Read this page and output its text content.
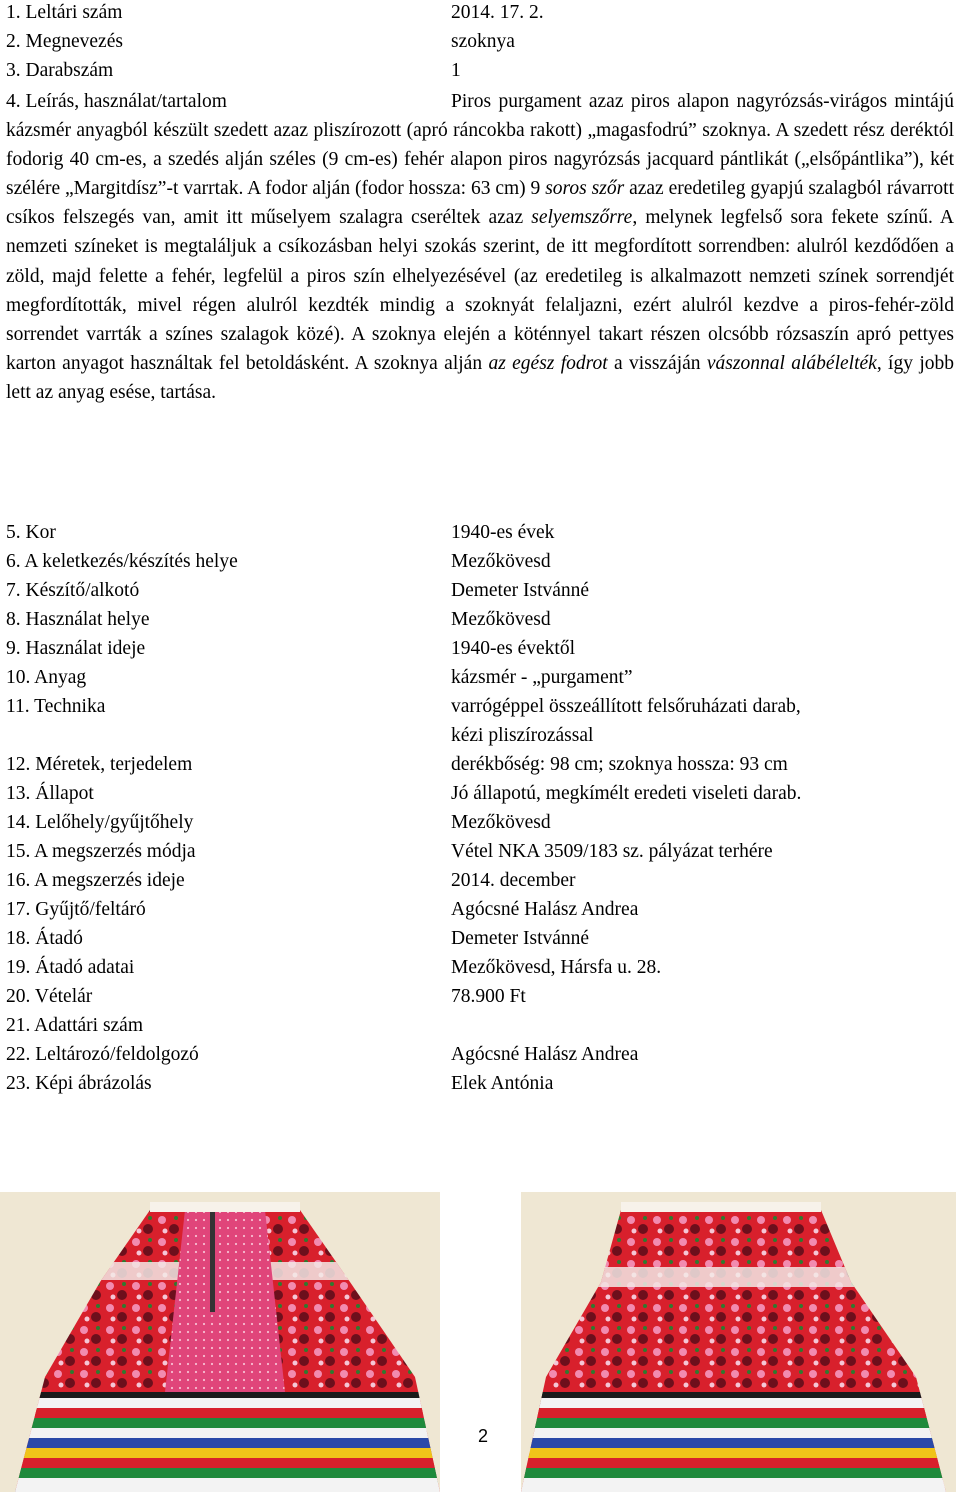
1. Leltári szám	2014. 17. 2.
2. Megnevezés	szoknya
3. Darabszám	1

4. Leírás, használat/tartalom	Piros purgament azaz piros alapon nagyrózsás-virágos mintájú kázsmér anyagból készült szedett azaz pliszírozott (apró ráncokba rakott) „magasfodrú” szoknya. A szedett rész deréktól fodorig 40 cm-es, a szedés alján széles (9 cm-es) fehér alapon piros nagyrózsás jacquard pántlikát („elsőpántlika”), két szélére „Margitdísz”-t varrtak. A fodor alján (fodor hossza: 63 cm) 9 soros szőr azaz eredetileg gyapjú szalagból rávarrott csíkos felszegés van, amit itt műselyem szalagra cseréltek azaz selyemszőrre, melynek legfelső sora fekete színű. A nemzeti színeket is megtaláljuk a csíkozásban helyi szokás szerint, de itt megfordított sorrendben: alulról kezdődően a zöld, majd felette a fehér, legfelül a piros szín elhelyezésével (az eredetileg is alkalmazott nemzeti színek sorrendjét megfordították, mivel régen alulról kezdték mindig a szoknyát felaljazni, ezért alulról kezdve a piros-fehér-zöld sorrendet varrták a színes szalagok közé). A szoknya elején a köténnyel takart részen olcsóbb rózsaszín apró pettyes karton anyagot használtak fel betoldásként. A szoknya alján az egész fodrot a visszáján vászonnal alábélelték, így jobb lett az anyag esése, tartása.

5. Kor	1940-es évek
6. A keletkezés/készítés helye	Mezőkövesd
7. Készítő/alkotó	Demeter Istvánné
8. Használat helye	Mezőkövesd
9. Használat ideje	1940-es évektől
10. Anyag	kázsmér - „purgament”
11. Technika	varrógéppel összeállított felsőruházati darab,
kézi pliszírozással
12. Méretek, terjedelem	derékbőség: 98 cm; szoknya hossza: 93 cm
13. Állapot	Jó állapotú, megkímélt eredeti viseleti darab.
14. Lelőhely/gyűjtőhely	Mezőkövesd
15. A megszerzés módja	Vétel NKA 3509/183 sz. pályázat terhére
16. A megszerzés ideje	2014. december
17. Gyűjtő/feltáró	Agócsné Halász Andrea
18. Átadó	Demeter Istvánné
19. Átadó adatai	Mezőkövesd, Hársfa u. 28.
20. Vételár	78.900 Ft
21. Adattári szám
22. Leltározó/feldolgozó	Agócsné Halász Andrea
23. Képi ábrázolás	Elek Antónia
2
